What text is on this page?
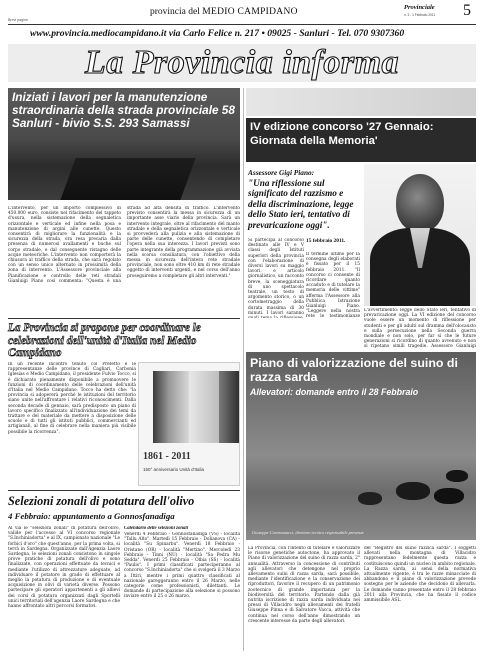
Brevi pagine
provincia del MEDIO CAMPIDANO	Provinciale
n. 3 - 1 Febbraio 2011	5
www.provincia.mediocampidano.it via Carlo Felice n. 217 • 09025 - Sanluri - Tel. 070 9307360
La Provincia informa
Iniziati i lavori per la manutenzione straordinaria della strada provinciale 58 Sanluri - bivio S.S. 293 Samassi
L'intervento, per un importo complessivo di 450.000 euro, consiste nel rifacimento del tappeto d'usura, nella sistemazione della segnaletica orizzontale e verticale ed infine nella posa e manutenzione di argini alle cunette. Questo consentirà di migliorare la funzionalità e la sicurezza della strada, ora resa precaria dalla presenza di numerosi avallamenti e buche sul corpo stradale, e dal conseguente ristagno delle acque meteoriche. L'intervento non comporterà la chiusura al traffico della strada, che sarà regolato con un senso unico alternato in prossimità della zona di intervento. L'Assessore provinciale alla Pianificazione e controllo delle reti stradali Gianluigi Piano così commenta: "Questa è una strada ad alta densità di traffico. L'intervento previsto consentirà la messa in sicurezza di un importante asse viario della provincia. Sarà un intervento integrale, oltre al rifacimento del manto stradale e della segnaletica orizzontale e verticale si provvederà alla pulizia e alla sistemazione di parte delle cunette, consentendo di completare l'opera nella sua interezza. I lavori previsti sono parte integrante della programmazione già avviata nella scorsa consiliatura, con l'obiettivo della messa in sicurezza dell'intera rete stradale provinciale, non sono oltre 410 km di rete stradale oggetto di interventi urgenti, e nel corso dell'anno proseguiremo a completare gli altri interventi."
La Provincia si propone per coordinare le celebrazioni dell'unità d'Italia nel Medio Campidano
In un recente incontro tenuto col Prefetto e le rappresentanze delle province di Cagliari, Carbonia Iglesias e Medio Campidano, il presidente Fulvio Tocco, si è dichiarato pienamente disponibile a promuovere le funzioni di coordinamento delle celebrazioni dell'unità d'Italia nel Medio Campidano. Tocco ha detto che: "la provincia si adopererà perché le istituzioni del territorio siano unite nell'affrontare i relativi riconoscimenti. Dalla seconda decade di gennaio, sarà predisposto un piano di lavoro specifico finalizzato all'individuazione dei temi da trattare e del materiale da mettere a disposizione delle scuole e di tutti gli istituti pubblici, commercianti ed artigianali, al fine di celebrare nella maniera più visibile possibile la ricorrenza".
1861 - 2011
150° anniversario Unità d'Italia
Selezioni zonali di potatura dell'olivo
4 Febbraio: appuntamento a Gonnosfanadiga
Al via le "selezioni zonali" di potatura dell'olivo, valide per l'accesso al VI concorso regionale "S.Inchiniadorta" e al IX, campionato nazionale "Le forbici d'oro" che quest'anno, per la prima volta, si terrà in Sardegna. Organizzate dall'Agenzia Laore Sardegna, le selezioni zonali consistono in singole prove pratiche di potatura dell'olivo e sono finalizzate, con operazioni effettuate da tecnici e mediante l'utilizzo di attrezzature adeguate, ad individuare il potatore in grado di effettuare al meglio la potatura di produzione e di eventuale acquisizione in olivi di varietà diverse. Possono partecipare gli operatori appartenenti a gli allievi dei corsi di potatura organizzati dagli Sportelli unici territoriali dell'agenzia Laore Sardegna e che hanno affrontato altri percorsi formativi.
Calendario delle selezioni zonali
Venerdì 4 Febbraio - Gonnosfanadiga (VS) - località "Tallu Alto". Martedì 15 Febbraio - Dolianova (CA) - località "Su Spinarbu". Venerdì 18 Febbraio - Oristano (OR) - località "Mertino". Mercoledì 23 Febbraio - Tinni (NU) - località "Sa Pedra Mu Sedda". Venerdì 25 Febbraio - Olbia (SS) - località "Paulis". I primi classificati parteciperanno al concorso "S.Inchiniadorta" che si svolgerà il 3 Marzo a Ittiri, mentre i primi quattro classificati al nazionale gareggeranno entro il 26 Marzo, nelle categorie come professionisti, dilettanti. Le domande di partecipazione alla selezione si possono inviare entro il 25 o 26 marzo.
IV edizione concorso '27 Gennaio: Giornata della Memoria'
Assessore Gigi Piano:
"Una riflessione sul significato del razzismo e della discriminazione, legge dello Stato ieri, tentativo di prevaricazione oggi".
Si partecipa al concorso destinato alle IV e V classi degli Istituti superiori della provincia con l'elaborazione di diversi lavori su maggio lavori, e articolo giornalistico, un racconto breve, la sceneggiatura di uno spettacolo teatrale, un testo di argomento storico, o un cortometraggio della durata massima di 30 minuti. I lavori saranno
15 febbraio 2011.
Il termine ultimo per la consegna degli elaborati è fissato per il 15 febbraio 2011. "Il concorso ci consente di ricordare quanto accaduto e di tutelare la memoria delle vittime" afferma l'Assessore alla Pubblica Istruzione Gianluigi Piano. "Leggere nella nostra rete le testimonianze
L'avvertimento: legge dello Stato ieri, tentativo di prevaricazione oggi. La VI edizione del concorso vuole essere un momento di riflessione per studenti e per gli adulti sul dramma dell'olocausto e sulla persecuzione nella Seconda guerra mondiale e non solo, per far sì che le future generazioni si ricordino di quanto avvenuto e non si ripetano simili tragedie. Assessore Gianluigi
Piano di valorizzazione del suino di razza sarda
Allevatori: domande entro il 28 Febbraio
Giuseppe Caremanucci, direttore tecnico responsabile presenze
La Provincia, con l'intento di tutelare e valorizzare le risorse genetiche autoctone, ha approvato il Piano di valorizzazione del suino di razza sarda, 2° annualità. Attraverso la concessione di contributi agli allevatori che detengono nel proprio allevamento suini di razza sarda, sarà possibile, mediante l'identificazione e la conservazione dei riproduttori, favorire il recupero di un patrimonio zootecnico di grande importanza per la biodiversità del territorio. Partendo dalla già nutrita iscrizione di razza sarda individuata nei pressi di Villacidro negli allevamenti dei fratelli Giuseppe Pinna e di Salvatore Vacca, attività che continua nel corso dell'anno dimostrando un crescente interesse da parte degli allevatori.
del "Registro del suino razzica sarda". I soggetti allevati nella montagna di Villacidro rappresentano fedelmente questa razza e costituiscono quindi un nucleo in ambito regionale. La Razza sarda, ai sensi della normativa attualmente vigente, è tra le razze minacciate di abbandono e il piano di valorizzazione prevede sostegno per le aziende che decidono di allevarla. Le domande vanno presentate entro il 28 febbraio 2011 alla Provincia, che ha fissato il codice ammissibile ASL.
